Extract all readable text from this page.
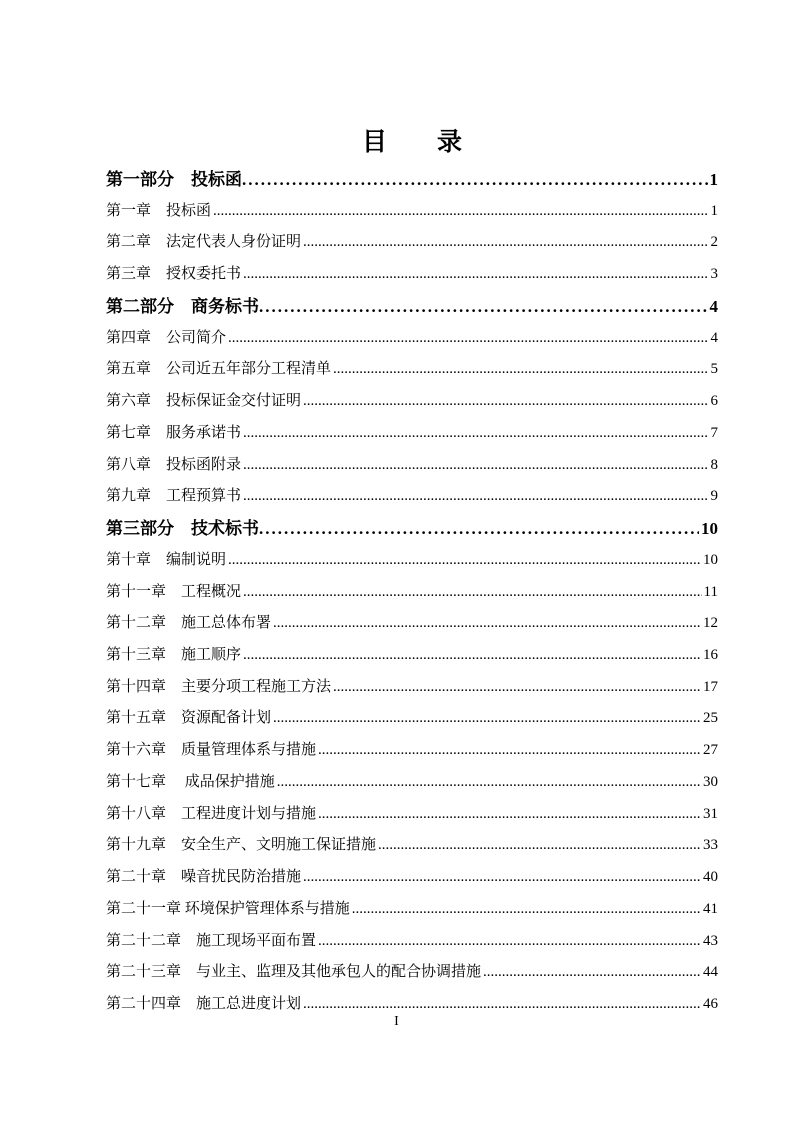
目　　录
第一部分　投标函 .....	1
第一章　投标函 .....	1
第二章　法定代表人身份证明 .....	2
第三章　授权委托书 .....	3
第二部分　商务标书 .....	4
第四章　公司简介 .....	4
第五章　公司近五年部分工程清单 .....	5
第六章　投标保证金交付证明 .....	6
第七章　服务承诺书 .....	7
第八章　投标函附录 .....	8
第九章　工程预算书 .....	9
第三部分　技术标书 .....	10
第十章　编制说明 .....	10
第十一章　工程概况 .....	11
第十二章　施工总体布署 .....	12
第十三章　施工顺序 .....	16
第十四章　主要分项工程施工方法 .....	17
第十五章　资源配备计划 .....	25
第十六章　质量管理体系与措施 .....	27
第十七章　 成品保护措施 .....	30
第十八章　工程进度计划与措施 .....	31
第十九章　安全生产、文明施工保证措施 .....	33
第二十章　噪音扰民防治措施 .....	40
第二十一章 环境保护管理体系与措施 .....	41
第二十二章　施工现场平面布置 .....	43
第二十三章　与业主、监理及其他承包人的配合协调措施 .....	44
第二十四章　施工总进度计划 .....	46
I
